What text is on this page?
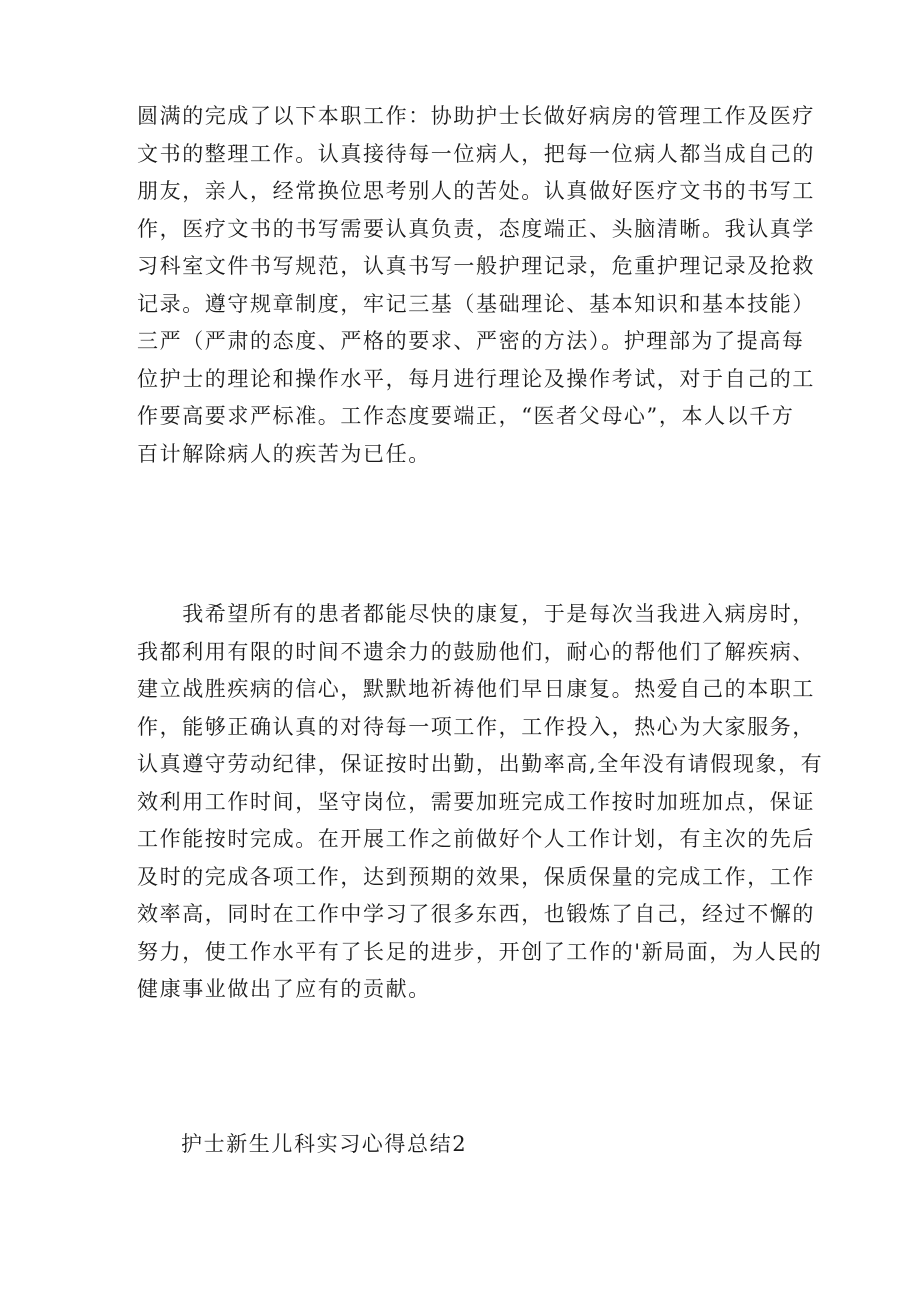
圆满的完成了以下本职工作：协助护士长做好病房的管理工作及医疗
文书的整理工作。认真接待每一位病人，把每一位病人都当成自己的
朋友，亲人，经常换位思考别人的苦处。认真做好医疗文书的书写工
作，医疗文书的书写需要认真负责，态度端正、头脑清晰。我认真学
习科室文件书写规范，认真书写一般护理记录，危重护理记录及抢救
记录。遵守规章制度，牢记三基（基础理论、基本知识和基本技能）
三严（严肃的态度、严格的要求、严密的方法）。护理部为了提高每
位护士的理论和操作水平，每月进行理论及操作考试，对于自己的工
作要高要求严标准。工作态度要端正，“医者父母心”，本人以千方
百计解除病人的疾苦为已任。
　　我希望所有的患者都能尽快的康复，于是每次当我进入病房时，
我都利用有限的时间不遗余力的鼓励他们，耐心的帮他们了解疾病、
建立战胜疾病的信心，默默地祈祷他们早日康复。热爱自己的本职工
作，能够正确认真的对待每一项工作，工作投入，热心为大家服务，
认真遵守劳动纪律，保证按时出勤，出勤率高,全年没有请假现象，有
效利用工作时间，坚守岗位，需要加班完成工作按时加班加点，保证
工作能按时完成。在开展工作之前做好个人工作计划，有主次的先后
及时的完成各项工作，达到预期的效果，保质保量的完成工作，工作
效率高，同时在工作中学习了很多东西，也锻炼了自己，经过不懈的
努力，使工作水平有了长足的进步，开创了工作的'新局面，为人民的
健康事业做出了应有的贡献。
护士新生儿科实习心得总结2
